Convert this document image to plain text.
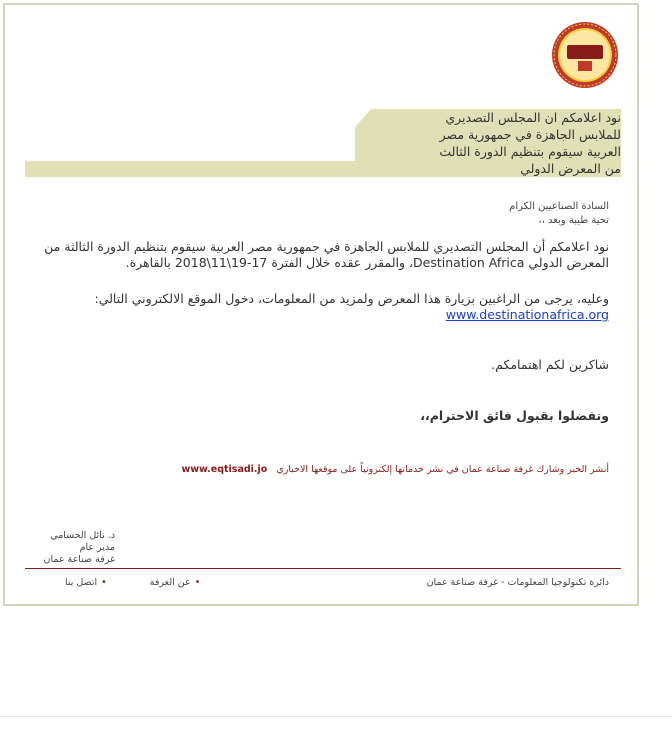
نود اعلامكم ان المجلس التصديري
للملابس الجاهزة في جمهورية مصر
العربية سيقوم بتنظيم الدورة الثالث
من المعرض الدولي
السادة الصناعيين الكرام
تحية طيبة وبعد ،،
نود اعلامكم أن المجلس التصديري للملابس الجاهزة في جمهورية مصر العربية سيقوم بتنظيم الدورة الثالثة من المعرض الدولي Destination Africa، والمقرر عقده خلال الفترة 17-19\11\2018 بالقاهرة.
وعليه، يرجى من الراغبين بزيارة هذا المعرض ولمزيد من المعلومات، دخول الموقع الالكتروني التالي:
www.destinationafrica.org
شاكرين لكم اهتمامكم.
وتفضلوا بقبول فائق الاحترام،،
أنشر الخبر وشارك غرفة صناعة عمان في نشر خدماتها إلكترونياً على موقعها الاخباري www.eqtisadi.jo
د. نائل الحسامي
مدير عام
غرفة صناعة عمان
•عن الغرفة •اتصل بنا	دائرة تكنولوجيا المعلومات - غرفة صناعة عمان
